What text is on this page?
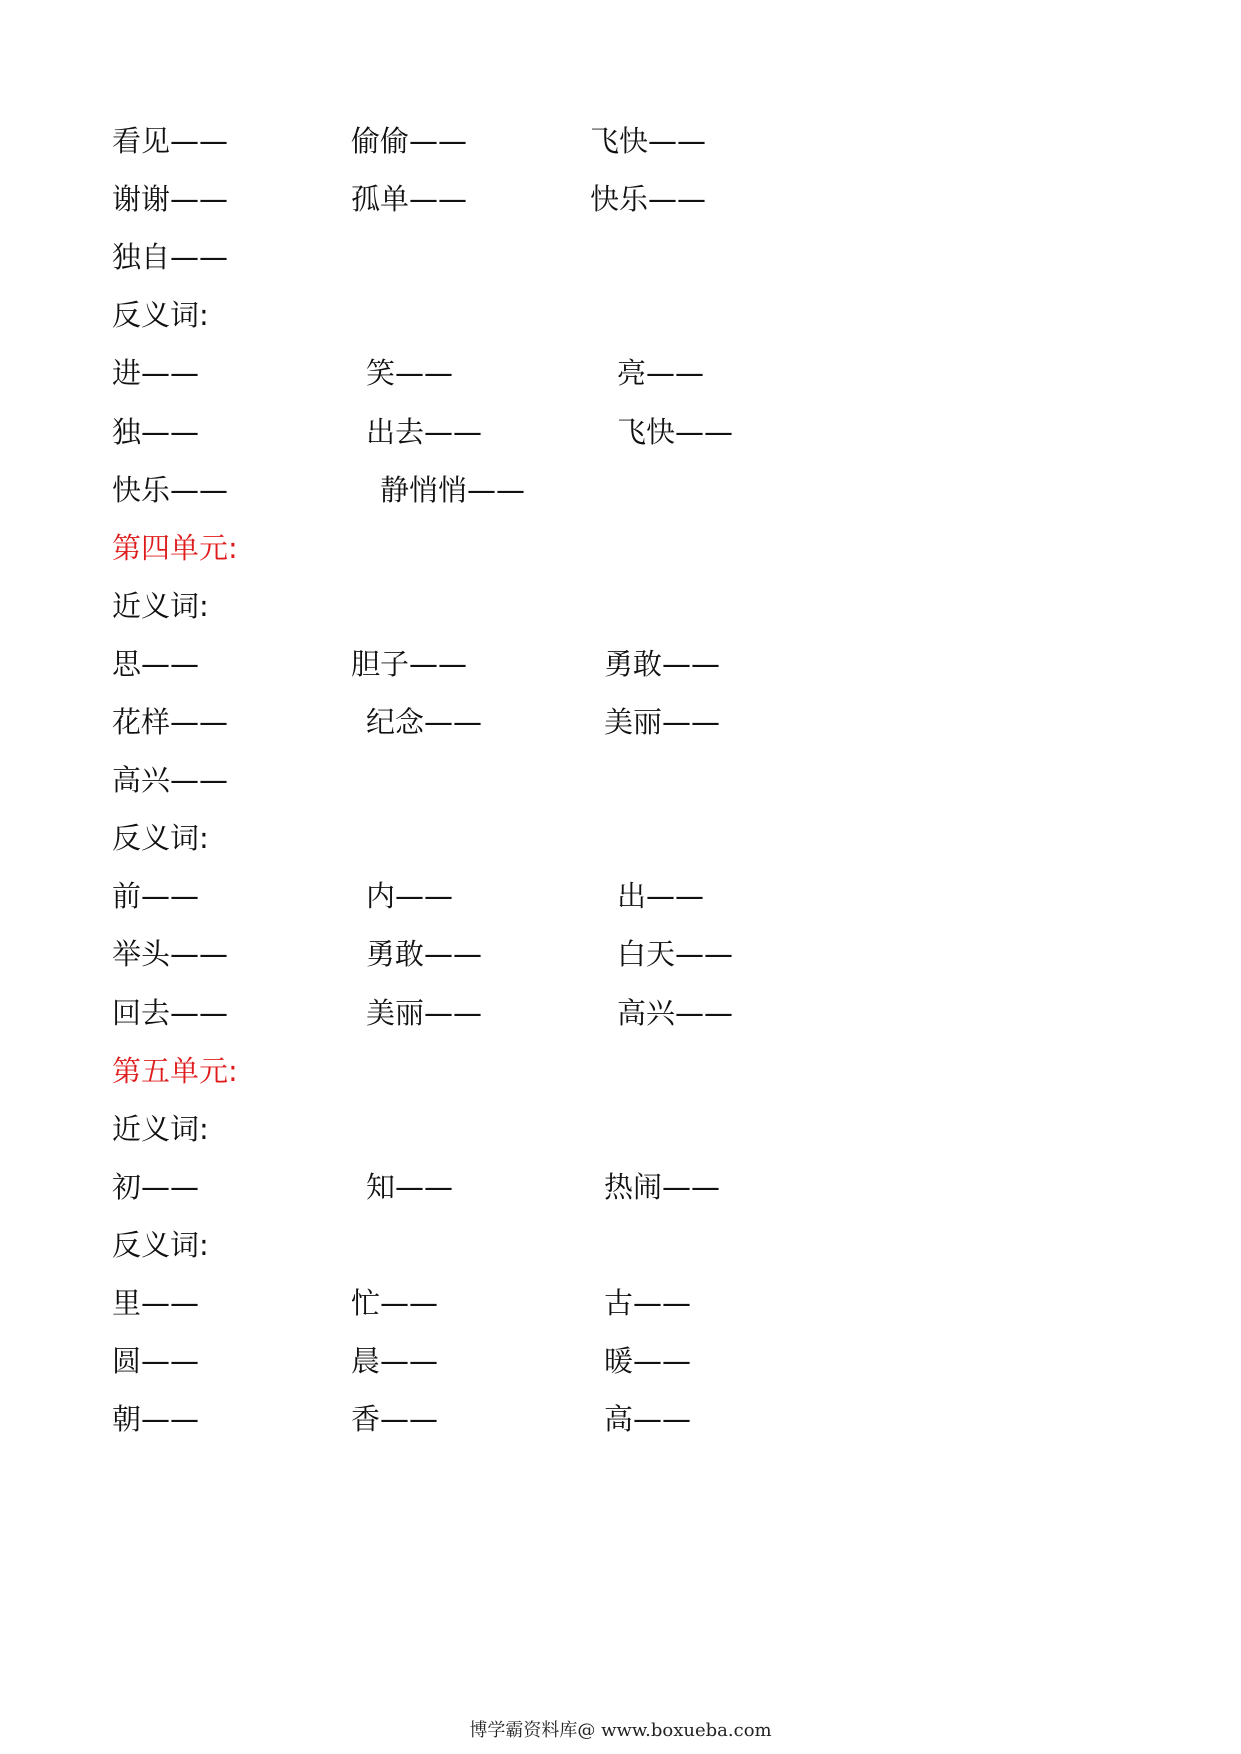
看见——	偷偷——	飞快——
谢谢——	孤单——	快乐——
独自——
反义词:
进——	笑——	亮——
独——	出去——	飞快——
快乐——	静悄悄——
第四单元:
近义词:
思——	胆子——	勇敢——
花样——	纪念——	美丽——
高兴——
反义词:
前——	内——	出——
举头——	勇敢——	白天——
回去——	美丽——	高兴——
第五单元:
近义词:
初——	知——	热闹——
反义词:
里——	忙——	古——
圆——	晨——	暖——
朝——	香——	高——
博学霸资料库@ www.boxueba.com
